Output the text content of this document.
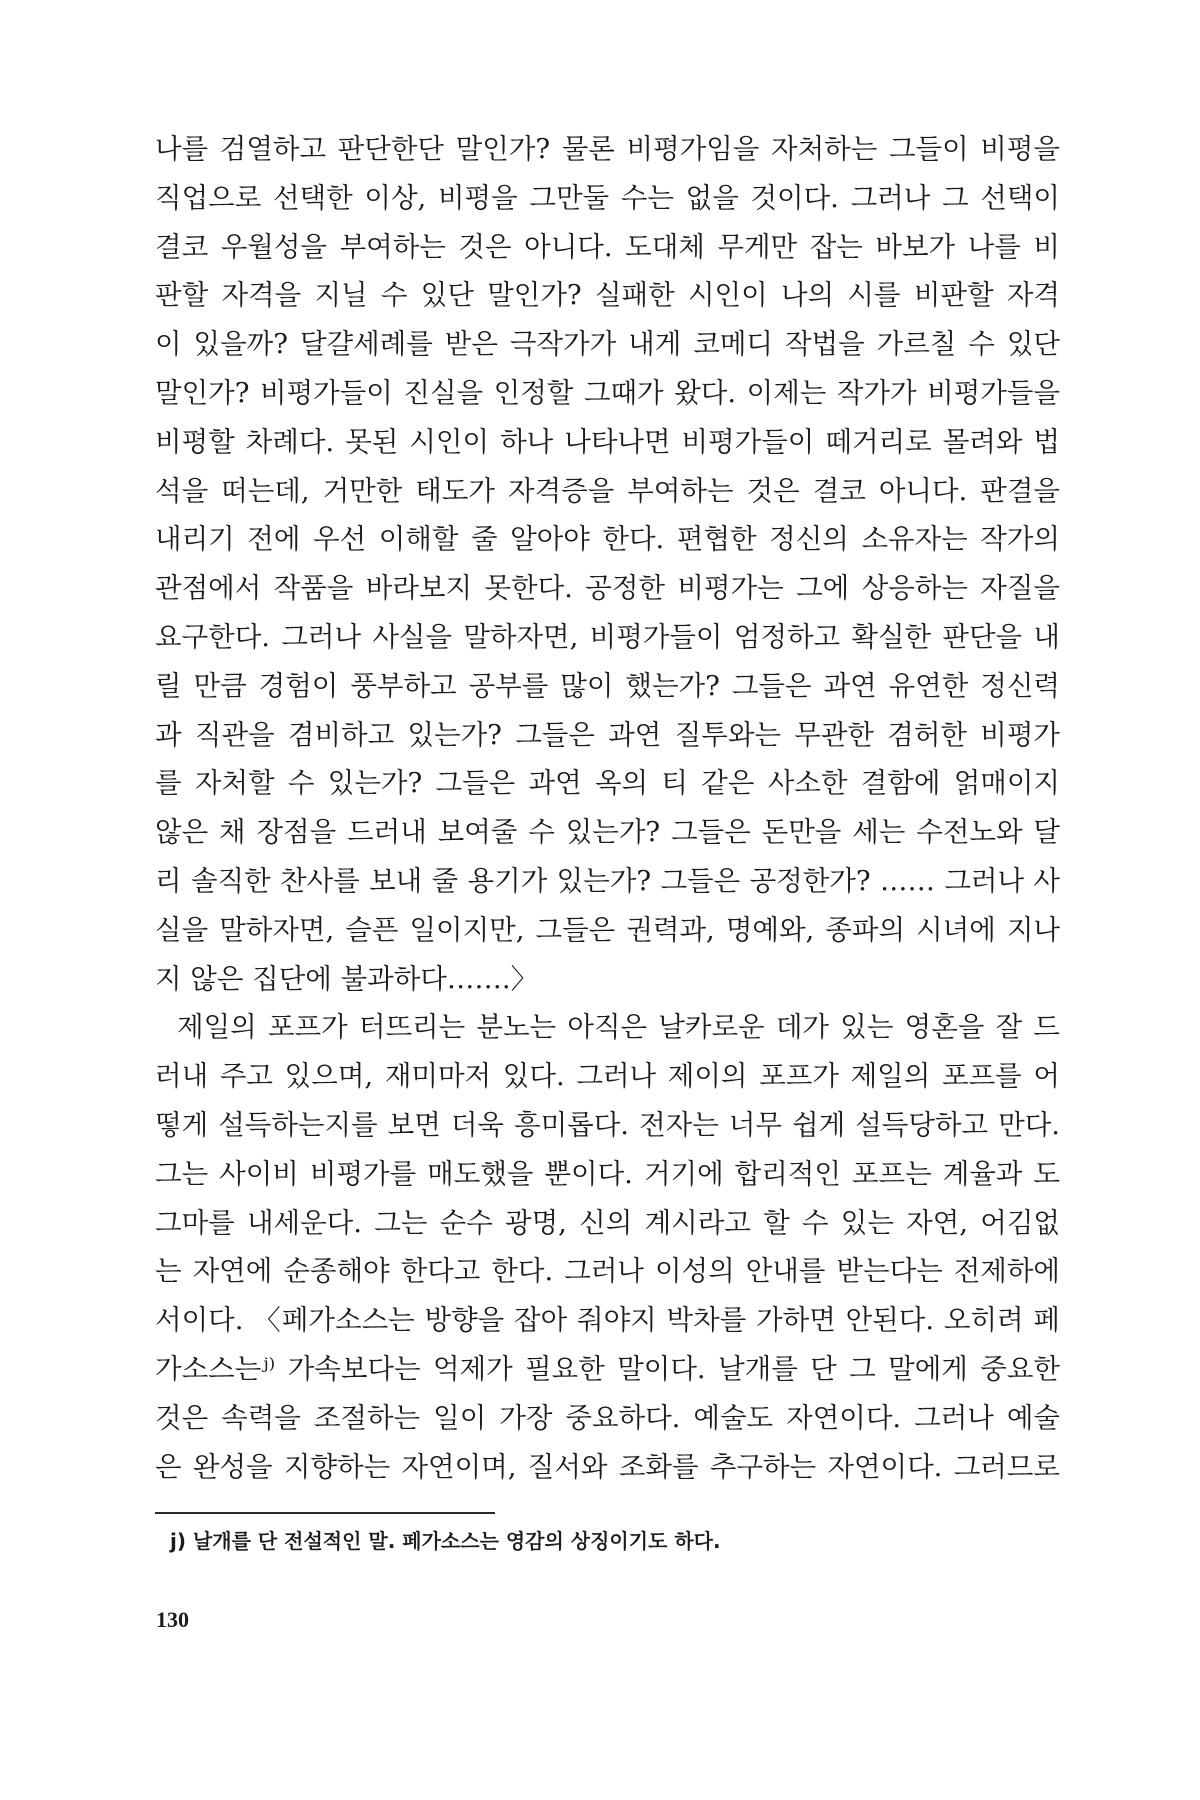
나를 검열하고 판단한단 말인가? 물론 비평가임을 자처하는 그들이 비평을
직업으로 선택한 이상, 비평을 그만둘 수는 없을 것이다. 그러나 그 선택이
결코 우월성을 부여하는 것은 아니다. 도대체 무게만 잡는 바보가 나를 비
판할 자격을 지닐 수 있단 말인가? 실패한 시인이 나의 시를 비판할 자격
이 있을까? 달걀세례를 받은 극작가가 내게 코메디 작법을 가르칠 수 있단
말인가? 비평가들이 진실을 인정할 그때가 왔다. 이제는 작가가 비평가들을
비평할 차례다. 못된 시인이 하나 나타나면 비평가들이 떼거리로 몰려와 법
석을 떠는데, 거만한 태도가 자격증을 부여하는 것은 결코 아니다. 판결을
내리기 전에 우선 이해할 줄 알아야 한다. 편협한 정신의 소유자는 작가의
관점에서 작품을 바라보지 못한다. 공정한 비평가는 그에 상응하는 자질을
요구한다. 그러나 사실을 말하자면, 비평가들이 엄정하고 확실한 판단을 내
릴 만큼 경험이 풍부하고 공부를 많이 했는가? 그들은 과연 유연한 정신력
과 직관을 겸비하고 있는가? 그들은 과연 질투와는 무관한 겸허한 비평가
를 자처할 수 있는가? 그들은 과연 옥의 티 같은 사소한 결함에 얽매이지
않은 채 장점을 드러내 보여줄 수 있는가? 그들은 돈만을 세는 수전노와 달
리 솔직한 찬사를 보내 줄 용기가 있는가? 그들은 공정한가? …… 그러나 사
실을 말하자면, 슬픈 일이지만, 그들은 권력과, 명예와, 종파의 시녀에 지나
지 않은 집단에 불과하다…….〉
제일의 포프가 터뜨리는 분노는 아직은 날카로운 데가 있는 영혼을 잘 드
러내 주고 있으며, 재미마저 있다. 그러나 제이의 포프가 제일의 포프를 어
떻게 설득하는지를 보면 더욱 흥미롭다. 전자는 너무 쉽게 설득당하고 만다.
그는 사이비 비평가를 매도했을 뿐이다. 거기에 합리적인 포프는 계율과 도
그마를 내세운다. 그는 순수 광명, 신의 계시라고 할 수 있는 자연, 어김없
는 자연에 순종해야 한다고 한다. 그러나 이성의 안내를 받는다는 전제하에
서이다. 〈페가소스는 방향을 잡아 줘야지 박차를 가하면 안된다. 오히려 페
가소스는ʲ⁾ 가속보다는 억제가 필요한 말이다. 날개를 단 그 말에게 중요한
것은 속력을 조절하는 일이 가장 중요하다. 예술도 자연이다. 그러나 예술
은 완성을 지향하는 자연이며, 질서와 조화를 추구하는 자연이다. 그러므로
j) 날개를 단 전설적인 말. 페가소스는 영감의 상징이기도 하다.
130
